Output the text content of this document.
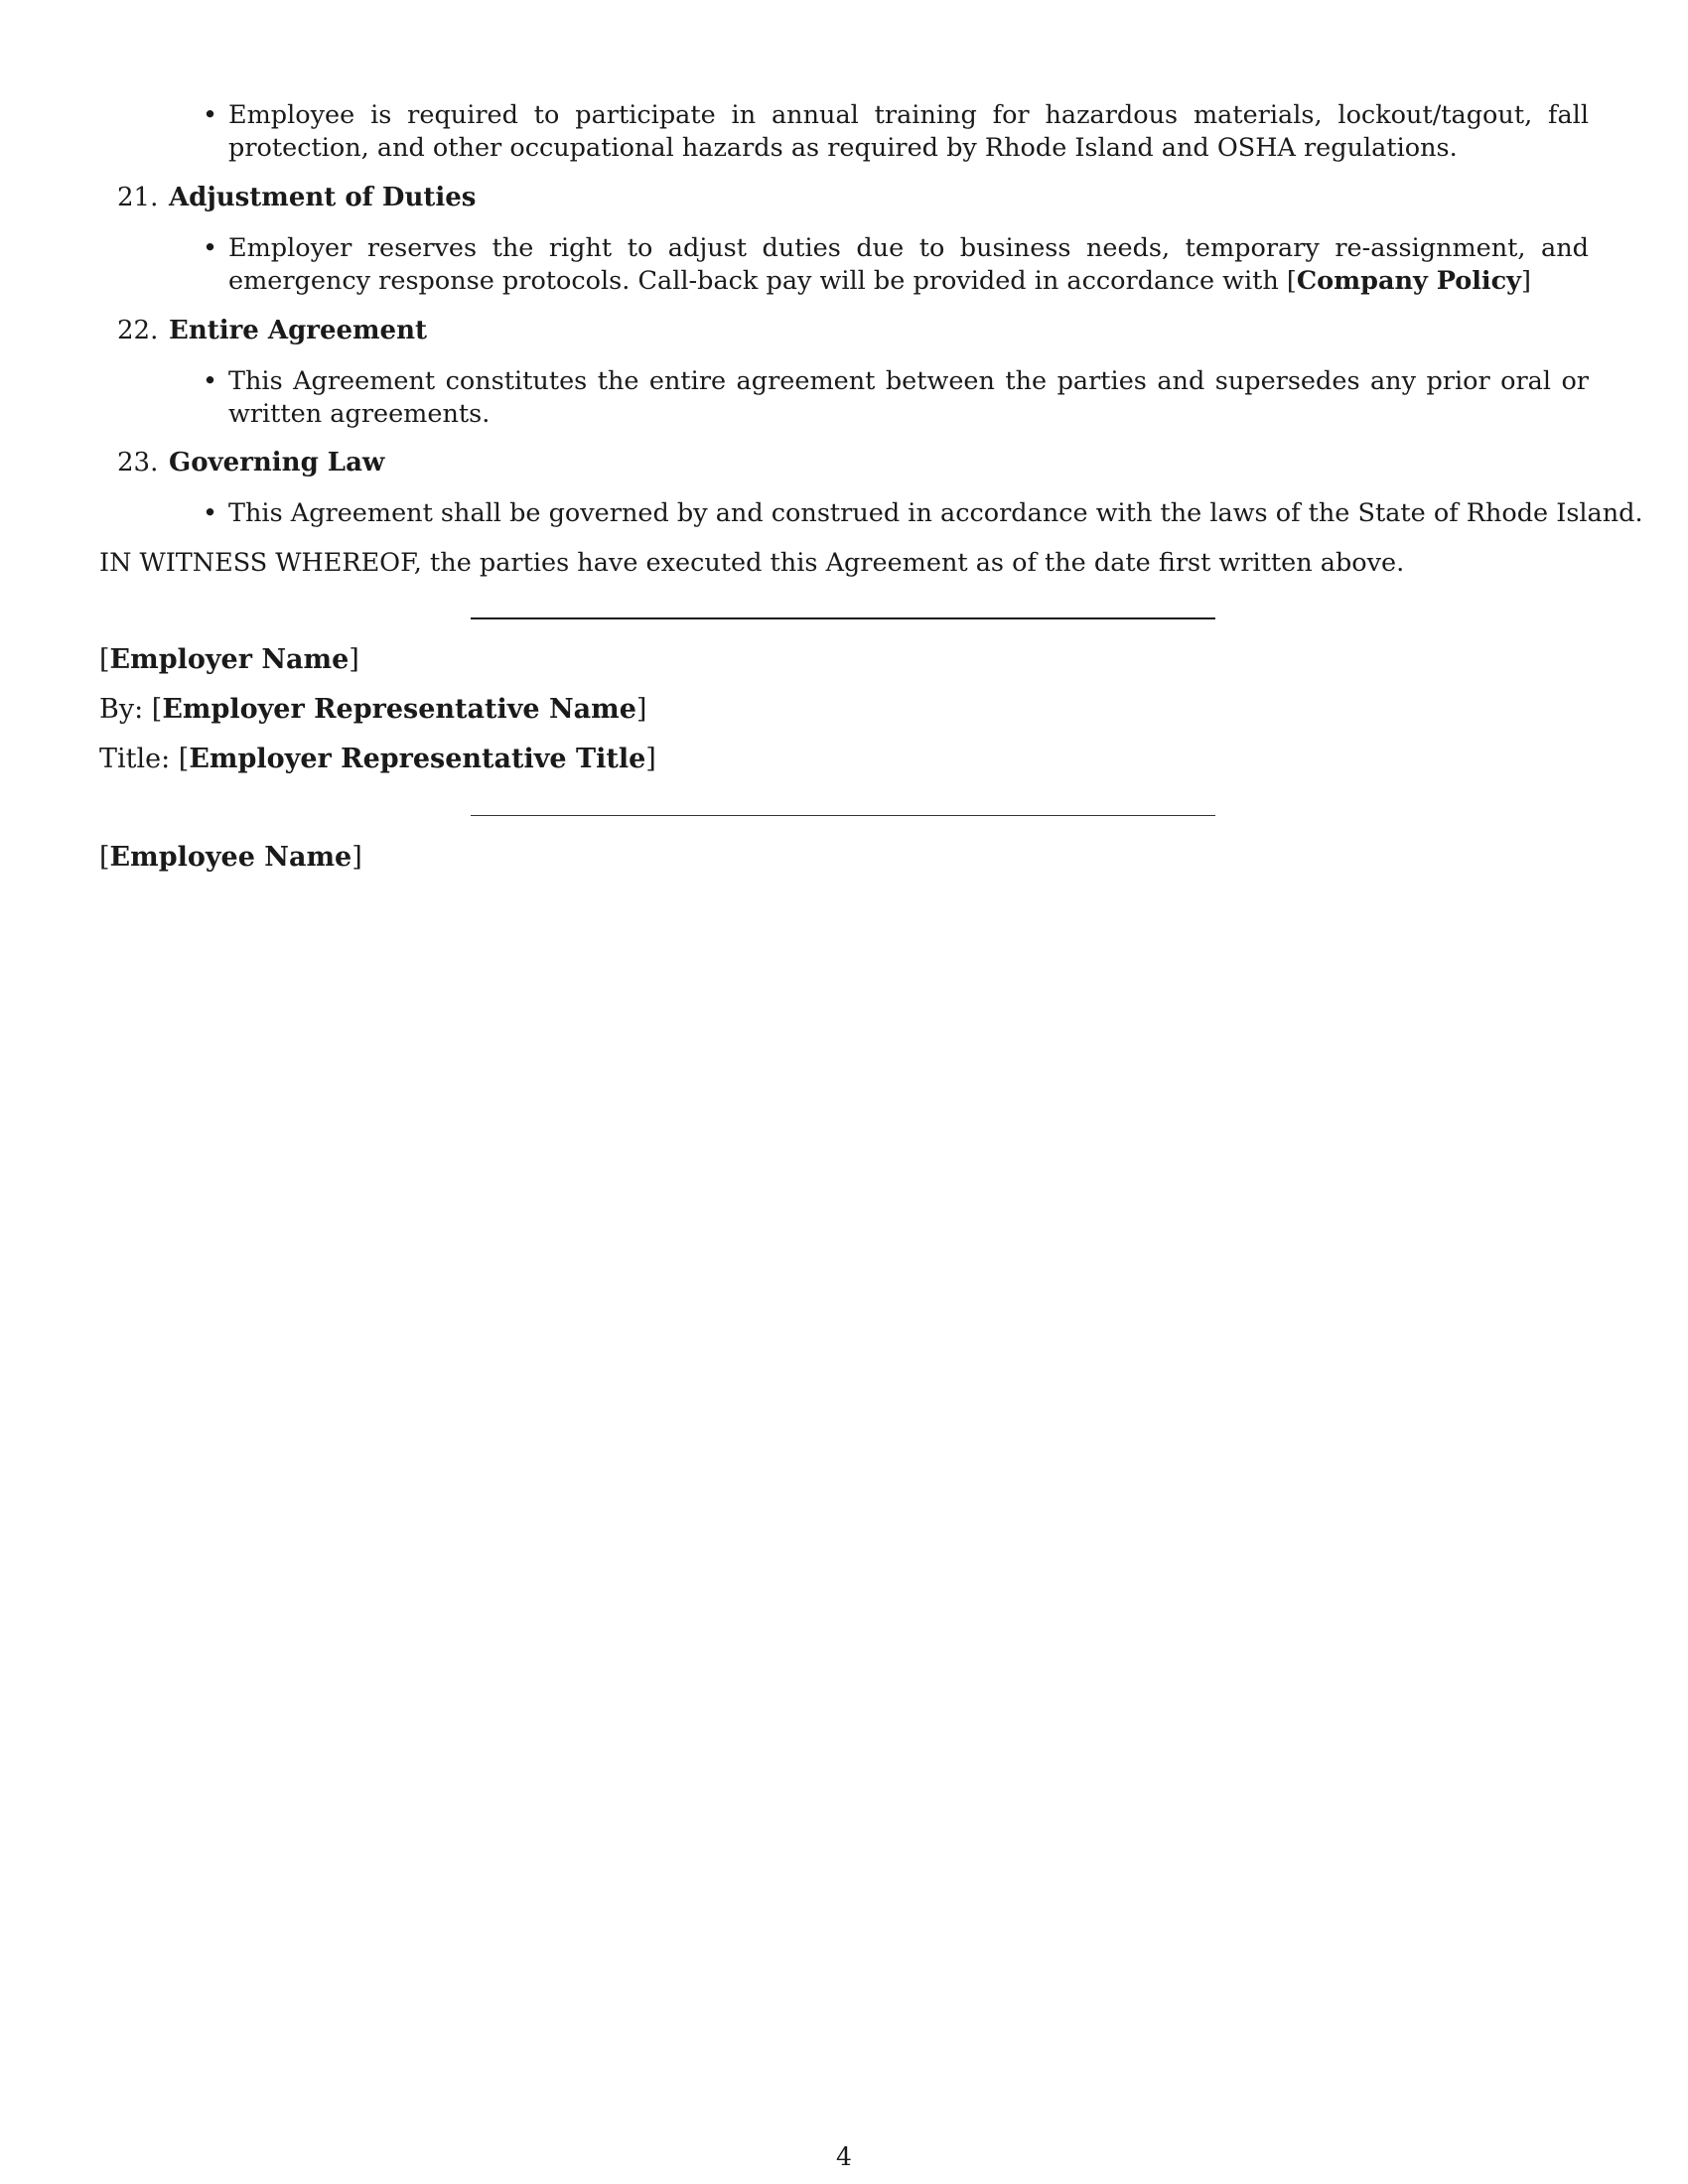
• Employee is required to participate in annual training for hazardous materials, lockout/tagout, fall protection, and other occupational hazards as required by Rhode Island and OSHA regulations.
21. Adjustment of Duties
• Employer reserves the right to adjust duties due to business needs, temporary re-assignment, and emergency response protocols. Call-back pay will be provided in accordance with [Company Policy]
22. Entire Agreement
• This Agreement constitutes the entire agreement between the parties and supersedes any prior oral or written agreements.
23. Governing Law
• This Agreement shall be governed by and construed in accordance with the laws of the State of Rhode Island.
IN WITNESS WHEREOF, the parties have executed this Agreement as of the date first written above.
[Employer Name]
By: [Employer Representative Name]
Title: [Employer Representative Title]
[Employee Name]
4
